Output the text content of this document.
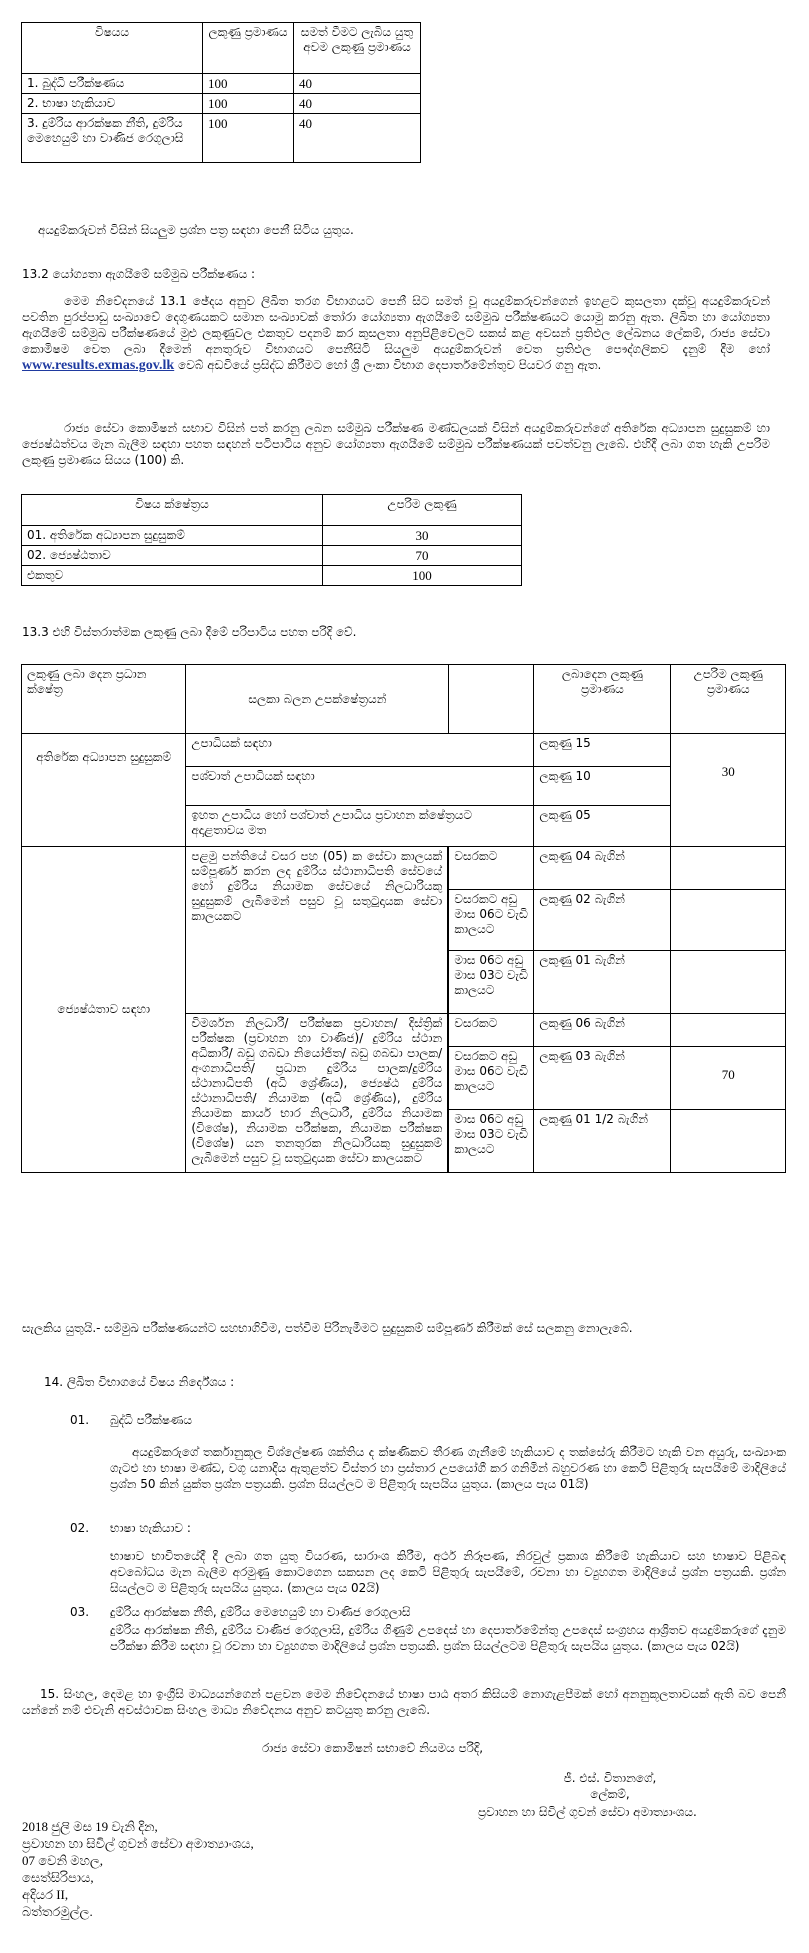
විෂයය	ලකුණු ප්‍රමාණය	සමත් වීමට ලැබිය යුතු අවම ලකුණු ප්‍රමාණය
1. බුද්ධි පරීක්ෂණය	100	40
2. භාෂා හැකියාව	100	40
3. දුම්රිය ආරක්ෂක නීති, දුම්රිය මෙහෙයුම් හා වාණිජ රෙගුලාසි	100	40
අයදුම්කරුවන් විසින් සියලුම ප්‍රශ්න පත්‍ර සඳහා පෙනී සිටිය යුතුය.
13.2 යෝග්‍යතා ඇගයීමේ සම්මුඛ පරීක්ෂණය :
මෙම නිවේදනයේ 13.1 ඡේදය අනුව ලිඛිත තරග විභාගයට පෙනී සිට සමත් වූ අයදුම්කරුවන්ගෙන් ඉහළට කුසලතා දක්වූ අයදුම්කරුවන් පවතින පුරප්පාඩු සංඛ්‍යාවේ දෙගුණයකට සමාන සංඛ්‍යාවක් තෝරා යෝග්‍යතා ඇගයීමේ සම්මුඛ පරීක්ෂණයට යොමු කරනු ඇත. ලිඛිත හා යෝග්‍යතා ඇගයීමේ සම්මුඛ පරීක්ෂණයේ මුළු ලකුණුවල එකතුව පදනම් කර කුසලතා අනුපිළිවෙලට සකස් කළ අවසන් ප්‍රතිඵල ලේඛනය ලේකම්, රාජ්‍ය සේවා කොමිෂම වෙත ලබා දීමෙන් අනතුරුව විභාගයට පෙනීසිටි සියලුම අයදුම්කරුවන් වෙත ප්‍රතිඵල පෞද්ගලිකව දැනුම් දීම හෝ www.results.exmas.gov.lk වෙබ් අඩවියේ ප්‍රසිද්ධ කිරීමට හෝ ශ්‍රී ලංකා විභාග දෙපාර්තමේන්තුව පියවර ගනු ඇත.
රාජ්‍ය සේවා කොමිෂන් සභාව විසින් පත් කරනු ලබන සම්මුඛ පරීක්ෂණ මණ්ඩලයක් විසින් අයදුම්කරුවන්ගේ අතිරේක අධ්‍යාපන සුදුසුකම් හා ජ්‍යෙෂ්ඨත්වය මැන බැලීම සඳහා පහත සඳහන් පටිපාටිය අනුව යෝග්‍යතා ඇගයීමේ සම්මුඛ පරීක්ෂණයක් පවත්වනු ලැබේ. එහිදී ලබා ගත හැකි උපරිම ලකුණු ප්‍රමාණය සියය (100) කි.
විෂය ක්ෂේත්‍රය	උපරිම ලකුණු
01. අතිරේක අධ්‍යාපන සුදුසුකම්	30
02. ජ්‍යෙෂ්ඨතාව	70
එකතුව	100
13.3 එහි විස්තරාත්මක ලකුණු ලබා දීමේ පරිපාටිය පහත පරිදි වේ.
ලකුණු ලබා දෙන ප්‍රධාන ක්ෂේත්‍ර	සලකා බලන උපක්ෂේත්‍රයන්		ලබාදෙන ලකුණු ප්‍රමාණය	උපරිම ලකුණු ප්‍රමාණය
අතිරේක අධ්‍යාපන සුදුසුකම්	උපාධියක් සඳහා		ලකුණු 15	30
	පශ්චාත් උපාධියක් සඳහා		ලකුණු 10	
	ඉහත උපාධිය හෝ පශ්චාත් උපාධිය ප්‍රවාහන ක්ෂේත්‍රයට අදාළතාවය මත		ලකුණු 05	
ජ්‍යෙෂ්ඨතාව සඳහා	පළමු පන්තියේ වසර පහ (05) ක සේවා කාලයක් සම්පූර්ණ කරන ලද දුම්රිය ස්ථානාධිපති සේවයේ හෝ දුම්රිය නියාමක සේවයේ නිලධාරියකු සුදුසුකම් ලැබීමෙන් පසුව වූ සතුටුදායක සේවා කාලයකට		වසරකට	ලකුණු 04 බැගින්	
		වසරකට අඩු මාස 06ට වැඩි කාලයට	ලකුණු 02 බැගින්	
		මාස 06ට අඩු මාස 03ට වැඩි කාලයට	ලකුණු 01 බැගින්	
	විමර්ශන නිලධාරී/ පරීක්ෂක ප්‍රවාහන/ දිස්ත්‍රික් පරීක්ෂක (ප්‍රවාහන හා වාණිජ)/ දුම්රිය ස්ථාන අධිකාරී/ බඩු ගබඩා නියෝජිත/ බඩු ගබඩා පාලක/ අංගනාධිපති/ ප්‍රධාන දුම්රිය පාලක/දුම්රිය ස්ථානාධිපති (අධි ශ්‍රේණිය), ජ්‍යෙෂ්ඨ දුම්රිය ස්ථානාධිපති/ නියාමක (අධි ශ්‍රේණිය), දුම්රිය නියාමක කාර්ය භාර නිලධාරී, දුම්රිය නියාමක (විශේෂ), නියාමක පරීක්ෂක, නියාමක පරීක්ෂක (විශේෂ) යන තනතුරක නිලධාරියකු සුදුසුකම් ලැබීමෙන් පසුව වූ සතුටුදායක සේවා කාලයකට		වසරකට	ලකුණු 06 බැගින්	
		වසරකට අඩු මාස 06ට වැඩි කාලයට	ලකුණු 03 බැගින්	70
		මාස 06ට අඩු මාස 03ට වැඩි කාලයට	ලකුණු 01 1/2 බැගින්	
සැලකිය යුතුයි.- සම්මුඛ පරීක්ෂණයන්ට සහභාගිවීම, පත්වීම පිරිනැමීමට සුදුසුකම් සම්පූර්ණ කිරීමක් සේ සලකනු නොලැබේ.
14. ලිඛිත විභාගයේ විෂය නිර්දේශය :
01. බුද්ධි පරීක්ෂණය
අයදුම්කරුගේ තර්කානුකූල විශ්ලේෂණ ශක්තිය ද ක්ෂණිකව තීරණ ගැනීමේ හැකියාව ද තක්සේරු කිරීමට හැකි වන අයුරු, සංඛ්‍යාංක ගැටළු හා භාෂා මණ්ඩ, වගු යනාදිය ඇතුළත්ව විස්තර හා ප්‍රස්තාර උපයෝගී කර ගනිමින් බහුවරණ හා කෙටි පිළිතුරු සැපයීමේ මාදිලියේ ප්‍රශ්න 50 කින් යුක්ත ප්‍රශ්න පත්‍රයකි. ප්‍රශ්න සියල්ලට ම පිළිතුරු සැපයිය යුතුය. (කාලය පැය 01යි)
02. භාෂා හැකියාව :
භාෂාව භාවිතයේදී දී ලබා ගත යුතු වියරණ, සාරාංශ කිරීම, අර්ථ නිරූපණ, නිරවුල් ප්‍රකාශ කිරීමේ හැකියාව සහ භාෂාව පිළිබඳ අවබෝධය මැන බැලීම අරමුණු කොටගෙන සකසන ලද කෙටි පිළිතුරු සැපයීමේ, රචනා හා ව්‍යුහගත මාදිලියේ ප්‍රශ්න පත්‍රයකි. ප්‍රශ්න සියල්ලට ම පිළිතුරු සැපයිය යුතුය. (කාලය පැය 02යි)
03. දුම්රිය ආරක්ෂක නීති, දුම්රිය මෙහෙයුම් හා වාණිජ රෙගුලාසි
දුම්රිය ආරක්ෂක නීති, දුම්රිය වාණිජ රෙගුලාසි, දුම්රිය ගිණුම් උපදෙස් හා දෙපාර්තමේන්තු උපදෙස් සංග්‍රහය ආශ්‍රිතව අයදුම්කරුගේ දැනුම පරීක්ෂා කිරීම සඳහා වූ රචනා හා ව්‍යුහගත මාදිලියේ ප්‍රශ්න පත්‍රයකි. ප්‍රශ්න සියල්ලටම පිළිතුරු සැපයිය යුතුය. (කාලය පැය 02යි)
15. සිංහල, දෙමළ හා ඉංග්‍රීසි මාධ්‍යයන්ගෙන් පළවන මෙම නිවේදනයේ භාෂා පාඨ අතර කිසියම් නොගැළපීමක් හෝ අනනුකූලතාවයක් ඇති බව පෙනී යන්නේ නම් එවැනි අවස්ථාවක සිංහල මාධ්‍ය නිවේදනය අනුව කටයුතු කරනු ලැබේ.
රාජ්‍ය සේවා කොමිෂන් සභාවේ නියමය පරිදි,
ජී. එස්. විතානගේ,
ලේකම්,
ප්‍රවාහන හා සිවිල් ගුවන් සේවා අමාත්‍යාංශය.
2018 ජුලි මස 19 වැනි දින,
ප්‍රවාහන හා සිවිල් ගුවන් සේවා අමාත්‍යාංශය,
07 වෙනි මහල,
සෙත්සිරිපාය,
අදියර II,
බත්තරමුල්ල.
